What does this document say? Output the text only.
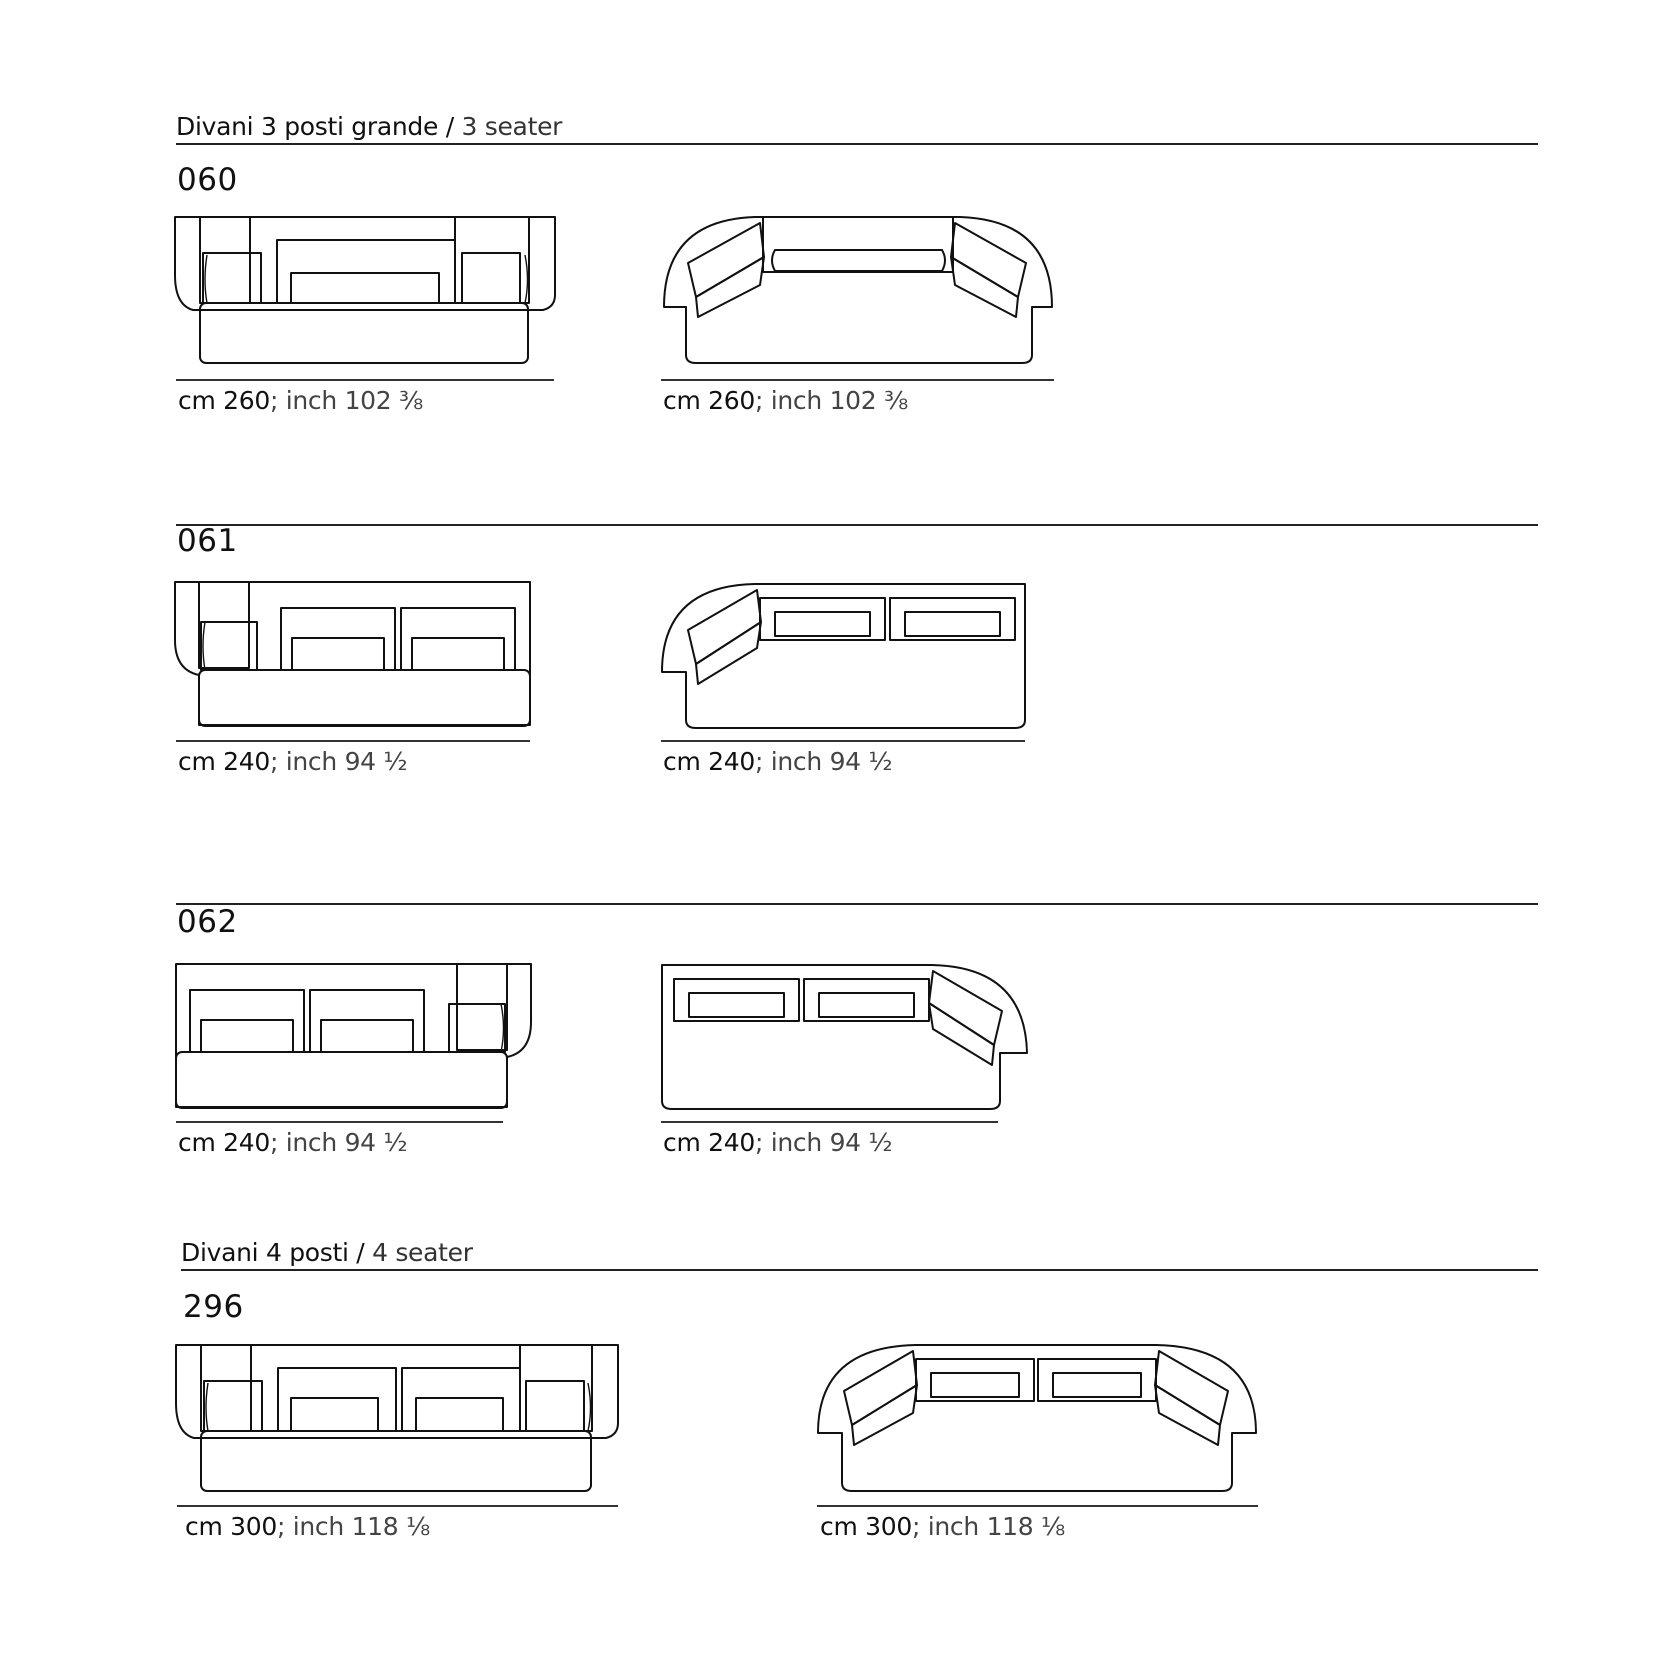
Divani 3 posti grande / 3 seater
060
cm 260; inch 102 ⅜	cm 260; inch 102 ⅜
061
cm 240; inch 94 ½	cm 240; inch 94 ½
062
cm 240; inch 94 ½	cm 240; inch 94 ½
Divani 4 posti / 4 seater
296
cm 300; inch 118 ⅛	cm 300; inch 118 ⅛
